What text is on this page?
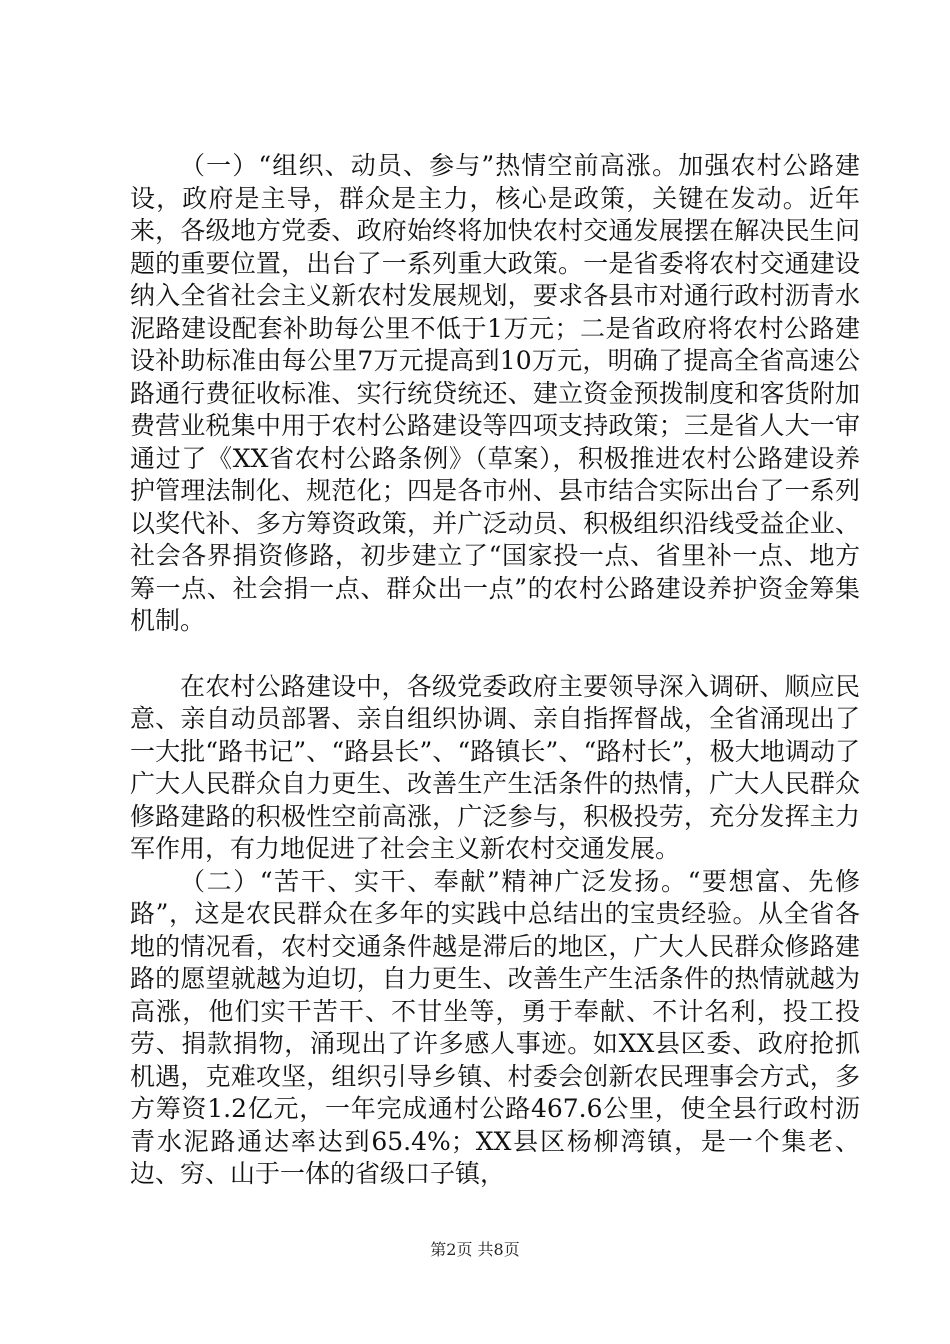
（一）“组织、动员、参与”热情空前高涨。加强农村公路建设，政府是主导，群众是主力，核心是政策，关键在发动。近年来，各级地方党委、政府始终将加快农村交通发展摆在解决民生问题的重要位置，出台了一系列重大政策。一是省委将农村交通建设纳入全省社会主义新农村发展规划，要求各县市对通行政村沥青水泥路建设配套补助每公里不低于1万元；二是省政府将农村公路建设补助标准由每公里7万元提高到10万元，明确了提高全省高速公路通行费征收标准、实行统贷统还、建立资金预拨制度和客货附加费营业税集中用于农村公路建设等四项支持政策；三是省人大一审通过了《XX省农村公路条例》（草案），积极推进农村公路建设养护管理法制化、规范化；四是各市州、县市结合实际出台了一系列以奖代补、多方筹资政策，并广泛动员、积极组织沿线受益企业、社会各界捐资修路，初步建立了“国家投一点、省里补一点、地方筹一点、社会捐一点、群众出一点”的农村公路建设养护资金筹集机制。

在农村公路建设中，各级党委政府主要领导深入调研、顺应民意、亲自动员部署、亲自组织协调、亲自指挥督战，全省涌现出了一大批“路书记”、“路县长”、“路镇长”、“路村长”，极大地调动了广大人民群众自力更生、改善生产生活条件的热情，广大人民群众修路建路的积极性空前高涨，广泛参与，积极投劳，充分发挥主力军作用，有力地促进了社会主义新农村交通发展。

（二）“苦干、实干、奉献”精神广泛发扬。“要想富、先修路”，这是农民群众在多年的实践中总结出的宝贵经验。从全省各地的情况看，农村交通条件越是滞后的地区，广大人民群众修路建路的愿望就越为迫切，自力更生、改善生产生活条件的热情就越为高涨，他们实干苦干、不甘坐等，勇于奉献、不计名利，投工投劳、捐款捐物，涌现出了许多感人事迹。如XX县区委、政府抢抓机遇，克难攻坚，组织引导乡镇、村委会创新农民理事会方式，多方筹资1.2亿元，一年完成通村公路467.6公里，使全县行政村沥青水泥路通达率达到65.4%；XX县区杨柳湾镇，是一个集老、边、穷、山于一体的省级口子镇，

第2页 共8页
